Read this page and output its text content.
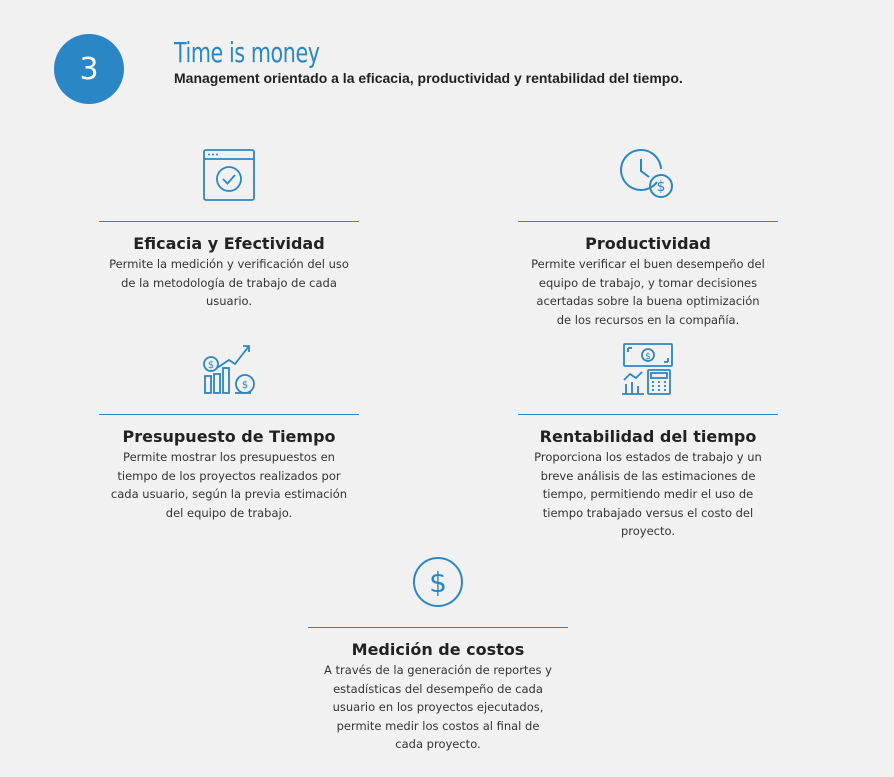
3	Time is money
Management orientado a la eficacia, productividad y rentabilidad del tiempo.
Eficacia y Efectividad

Permite la medición y verificación del uso de la metodología de trabajo de cada usuario.

$
Productividad

Permite verificar el buen desempeño del equipo de trabajo, y tomar decisiones acertadas sobre la buena optimización de los recursos en la compañía.

$
$
Presupuesto de Tiempo

Permite mostrar los presupuestos en tiempo de los proyectos realizados por cada usuario, según la previa estimación del equipo de trabajo.

$
Rentabilidad del tiempo

Proporciona los estados de trabajo y un breve análisis de las estimaciones de tiempo, permitiendo medir el uso de tiempo trabajado versus el costo del proyecto.

$
Medición de costos

A través de la generación de reportes y estadísticas del desempeño de cada usuario en los proyectos ejecutados, permite medir los costos al final de cada proyecto.
